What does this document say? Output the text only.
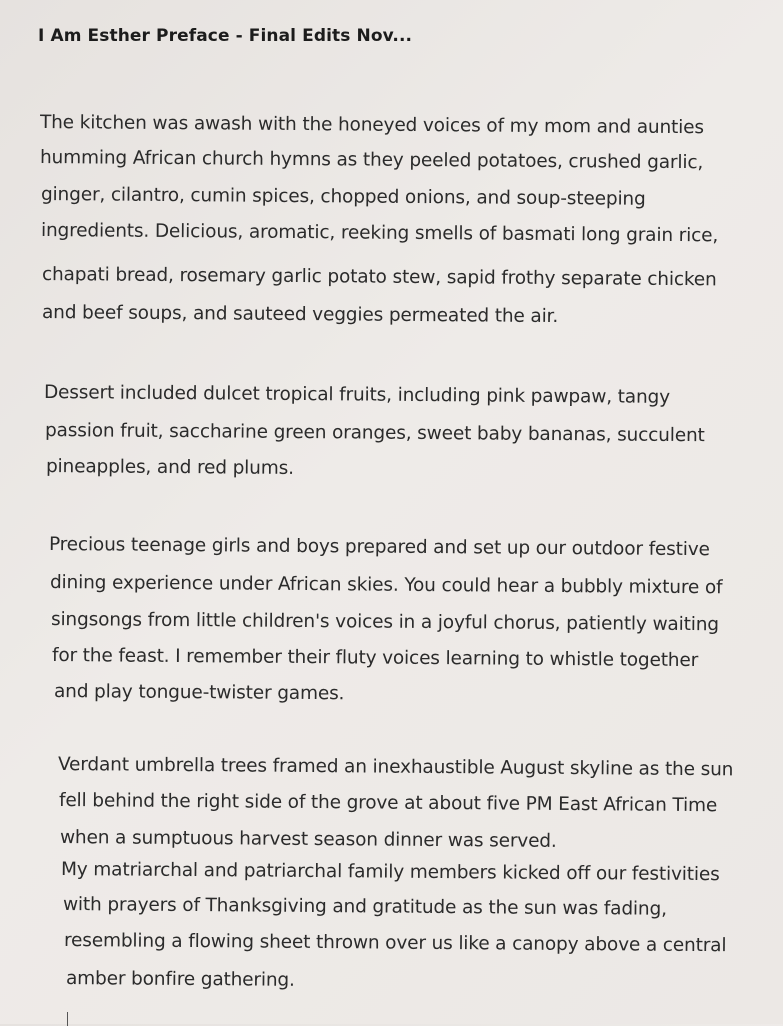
I Am Esther Preface - Final Edits Nov...
The kitchen was awash with the honeyed voices of my mom and aunties
humming African church hymns as they peeled potatoes, crushed garlic,
ginger, cilantro, cumin spices, chopped onions, and soup-steeping
ingredients. Delicious, aromatic, reeking smells of basmati long grain rice,
chapati bread, rosemary garlic potato stew, sapid frothy separate chicken
and beef soups, and sauteed veggies permeated the air.
Dessert included dulcet tropical fruits, including pink pawpaw, tangy
passion fruit, saccharine green oranges, sweet baby bananas, succulent
pineapples, and red plums.
Precious teenage girls and boys prepared and set up our outdoor festive
dining experience under African skies. You could hear a bubbly mixture of
singsongs from little children's voices in a joyful chorus, patiently waiting
for the feast. I remember their fluty voices learning to whistle together
and play tongue-twister games.
Verdant umbrella trees framed an inexhaustible August skyline as the sun
fell behind the right side of the grove at about five PM East African Time
when a sumptuous harvest season dinner was served.
My matriarchal and patriarchal family members kicked off our festivities
with prayers of Thanksgiving and gratitude as the sun was fading,
resembling a flowing sheet thrown over us like a canopy above a central
amber bonfire gathering.
